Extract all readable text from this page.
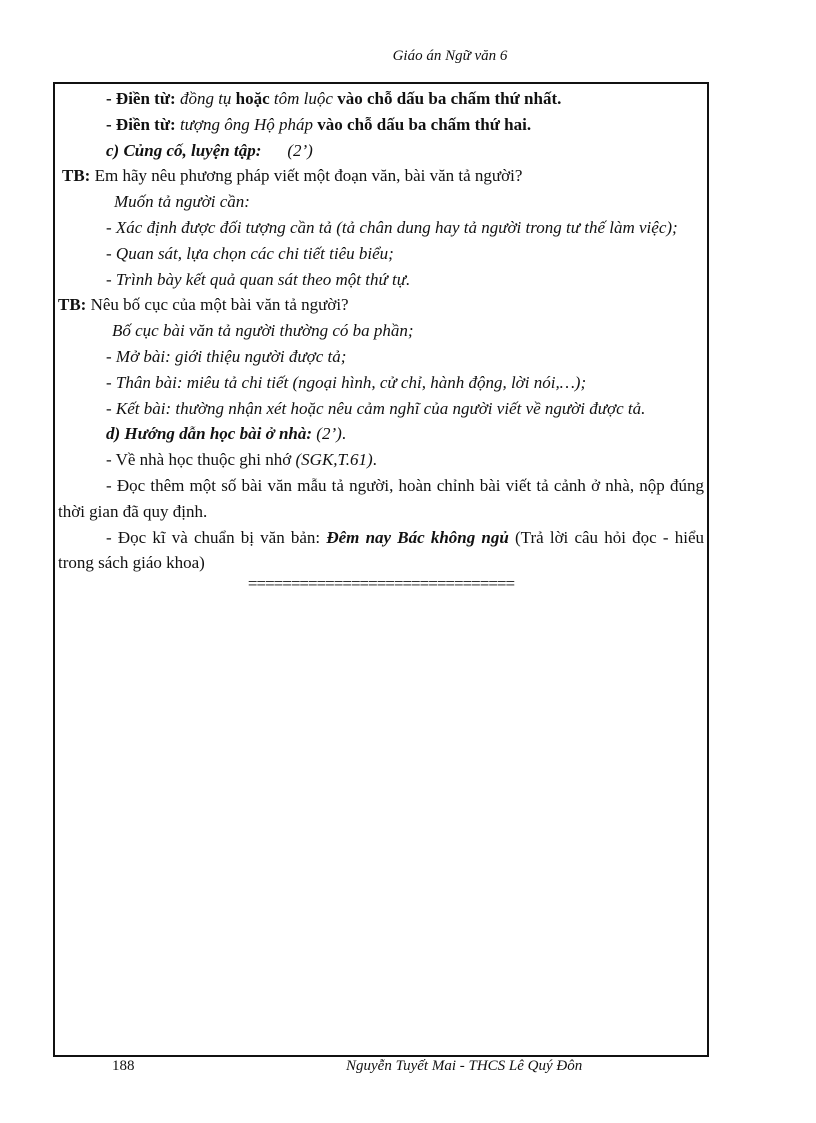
Giáo án Ngữ văn 6

- Điền từ: đồng tụ hoặc tôm luộc vào chỗ dấu ba chấm thứ nhất.

- Điền từ: tượng ông Hộ pháp vào chỗ dấu ba chấm thứ hai.

c) Củng cố, luyện tập: (2’)

TB: Em hãy nêu phương pháp viết một đoạn văn, bài văn tả người?

Muốn tả người cần:

- Xác định được đối tượng cần tả (tả chân dung hay tả người trong tư thế làm việc);

- Quan sát, lựa chọn các chi tiết tiêu biểu;

- Trình bày kết quả quan sát theo một thứ tự.

TB: Nêu bố cục của một bài văn tả người?

Bố cục bài văn tả người thường có ba phần;

- Mở bài: giới thiệu người được tả;

- Thân bài: miêu tả chi tiết (ngoại hình, cử chỉ, hành động, lời nói,…);

- Kết bài: thường nhận xét hoặc nêu cảm nghĩ của người viết về người được tả.

d) Hướng dẫn học bài ở nhà: (2’).

- Về nhà học thuộc ghi nhớ (SGK,T.61).

- Đọc thêm một số bài văn mẫu tả người, hoàn chỉnh bài viết tả cảnh ở nhà, nộp đúng thời gian đã quy định.

- Đọc kĩ và chuẩn bị văn bản: Đêm nay Bác không ngủ (Trả lời câu hỏi đọc - hiểu trong sách giáo khoa)

===============================

188	Nguyễn Tuyết Mai - THCS Lê Quý Đôn
